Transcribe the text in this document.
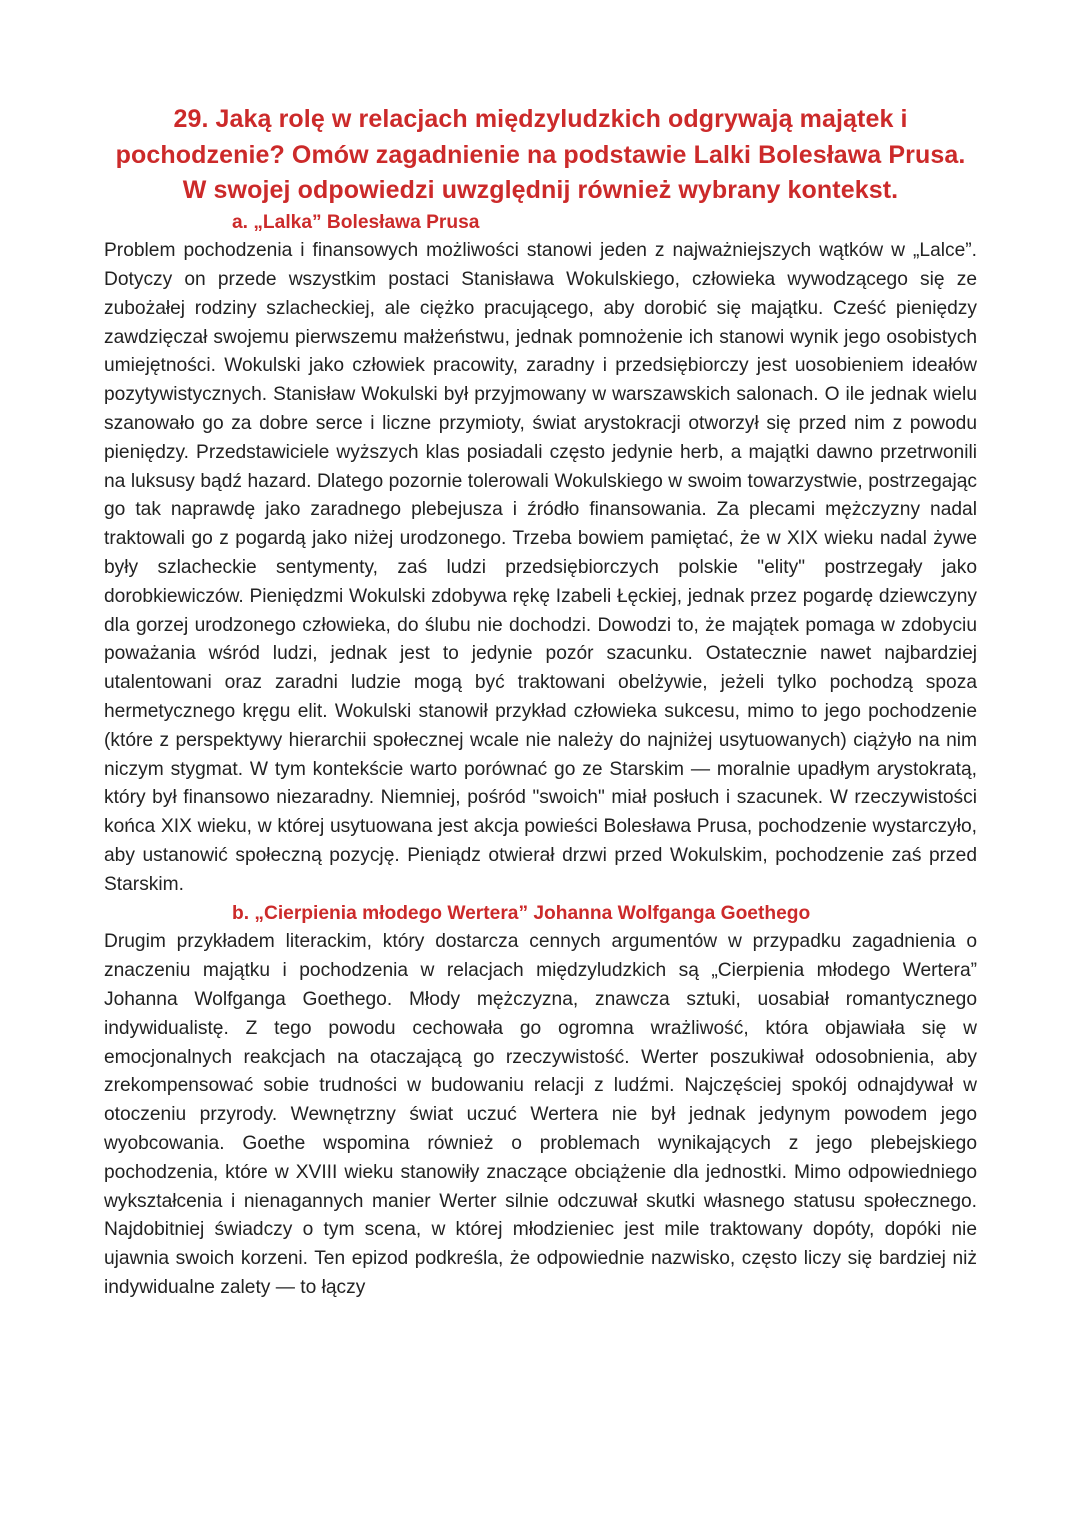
29. Jaką rolę w relacjach międzyludzkich odgrywają majątek i pochodzenie? Omów zagadnienie na podstawie Lalki Bolesława Prusa. W swojej odpowiedzi uwzględnij również wybrany kontekst.
a. „Lalka” Bolesława Prusa

Problem pochodzenia i finansowych możliwości stanowi jeden z najważniejszych wątków w „Lalce”. Dotyczy on przede wszystkim postaci Stanisława Wokulskiego, człowieka wywodzącego się ze zubożałej rodziny szlacheckiej, ale ciężko pracującego, aby dorobić się majątku. Cześć pieniędzy zawdzięczał swojemu pierwszemu małżeństwu, jednak pomnożenie ich stanowi wynik jego osobistych umiejętności. Wokulski jako człowiek pracowity, zaradny i przedsiębiorczy jest uosobieniem ideałów pozytywistycznych. Stanisław Wokulski był przyjmowany w warszawskich salonach. O ile jednak wielu szanowało go za dobre serce i liczne przymioty, świat arystokracji otworzył się przed nim z powodu pieniędzy. Przedstawiciele wyższych klas posiadali często jedynie herb, a majątki dawno przetrwonili na luksusy bądź hazard. Dlatego pozornie tolerowali Wokulskiego w swoim towarzystwie, postrzegając go tak naprawdę jako zaradnego plebejusza i źródło finansowania. Za plecami mężczyzny nadal traktowali go z pogardą jako niżej urodzonego. Trzeba bowiem pamiętać, że w XIX wieku nadal żywe były szlacheckie sentymenty, zaś ludzi przedsiębiorczych polskie "elity" postrzegały jako dorobkiewiczów. Pieniędzmi Wokulski zdobywa rękę Izabeli Łęckiej, jednak przez pogardę dziewczyny dla gorzej urodzonego człowieka, do ślubu nie dochodzi. Dowodzi to, że majątek pomaga w zdobyciu poważania wśród ludzi, jednak jest to jedynie pozór szacunku. Ostatecznie nawet najbardziej utalentowani oraz zaradni ludzie mogą być traktowani obelżywie, jeżeli tylko pochodzą spoza hermetycznego kręgu elit. Wokulski stanowił przykład człowieka sukcesu, mimo to jego pochodzenie (które z perspektywy hierarchii społecznej wcale nie należy do najniżej usytuowanych) ciążyło na nim niczym stygmat. W tym kontekście warto porównać go ze Starskim — moralnie upadłym arystokratą, który był finansowo niezaradny. Niemniej, pośród "swoich" miał posłuch i szacunek. W rzeczywistości końca XIX wieku, w której usytuowana jest akcja powieści Bolesława Prusa, pochodzenie wystarczyło, aby ustanowić społeczną pozycję. Pieniądz otwierał drzwi przed Wokulskim, pochodzenie zaś przed Starskim.

b. „Cierpienia młodego Wertera” Johanna Wolfganga Goethego

Drugim przykładem literackim, który dostarcza cennych argumentów w przypadku zagadnienia o znaczeniu majątku i pochodzenia w relacjach międzyludzkich są „Cierpienia młodego Wertera” Johanna Wolfganga Goethego. Młody mężczyzna, znawcza sztuki, uosabiał romantycznego indywidualistę. Z tego powodu cechowała go ogromna wrażliwość, która objawiała się w emocjonalnych reakcjach na otaczającą go rzeczywistość. Werter poszukiwał odosobnienia, aby zrekompensować sobie trudności w budowaniu relacji z ludźmi. Najczęściej spokój odnajdywał w otoczeniu przyrody. Wewnętrzny świat uczuć Wertera nie był jednak jedynym powodem jego wyobcowania. Goethe wspomina również o problemach wynikających z jego plebejskiego pochodzenia, które w XVIII wieku stanowiły znaczące obciążenie dla jednostki. Mimo odpowiedniego wykształcenia i nienagannych manier Werter silnie odczuwał skutki własnego statusu społecznego. Najdobitniej świadczy o tym scena, w której młodzieniec jest mile traktowany dopóty, dopóki nie ujawnia swoich korzeni. Ten epizod podkreśla, że odpowiednie nazwisko, często liczy się bardziej niż indywidualne zalety — to łączy
